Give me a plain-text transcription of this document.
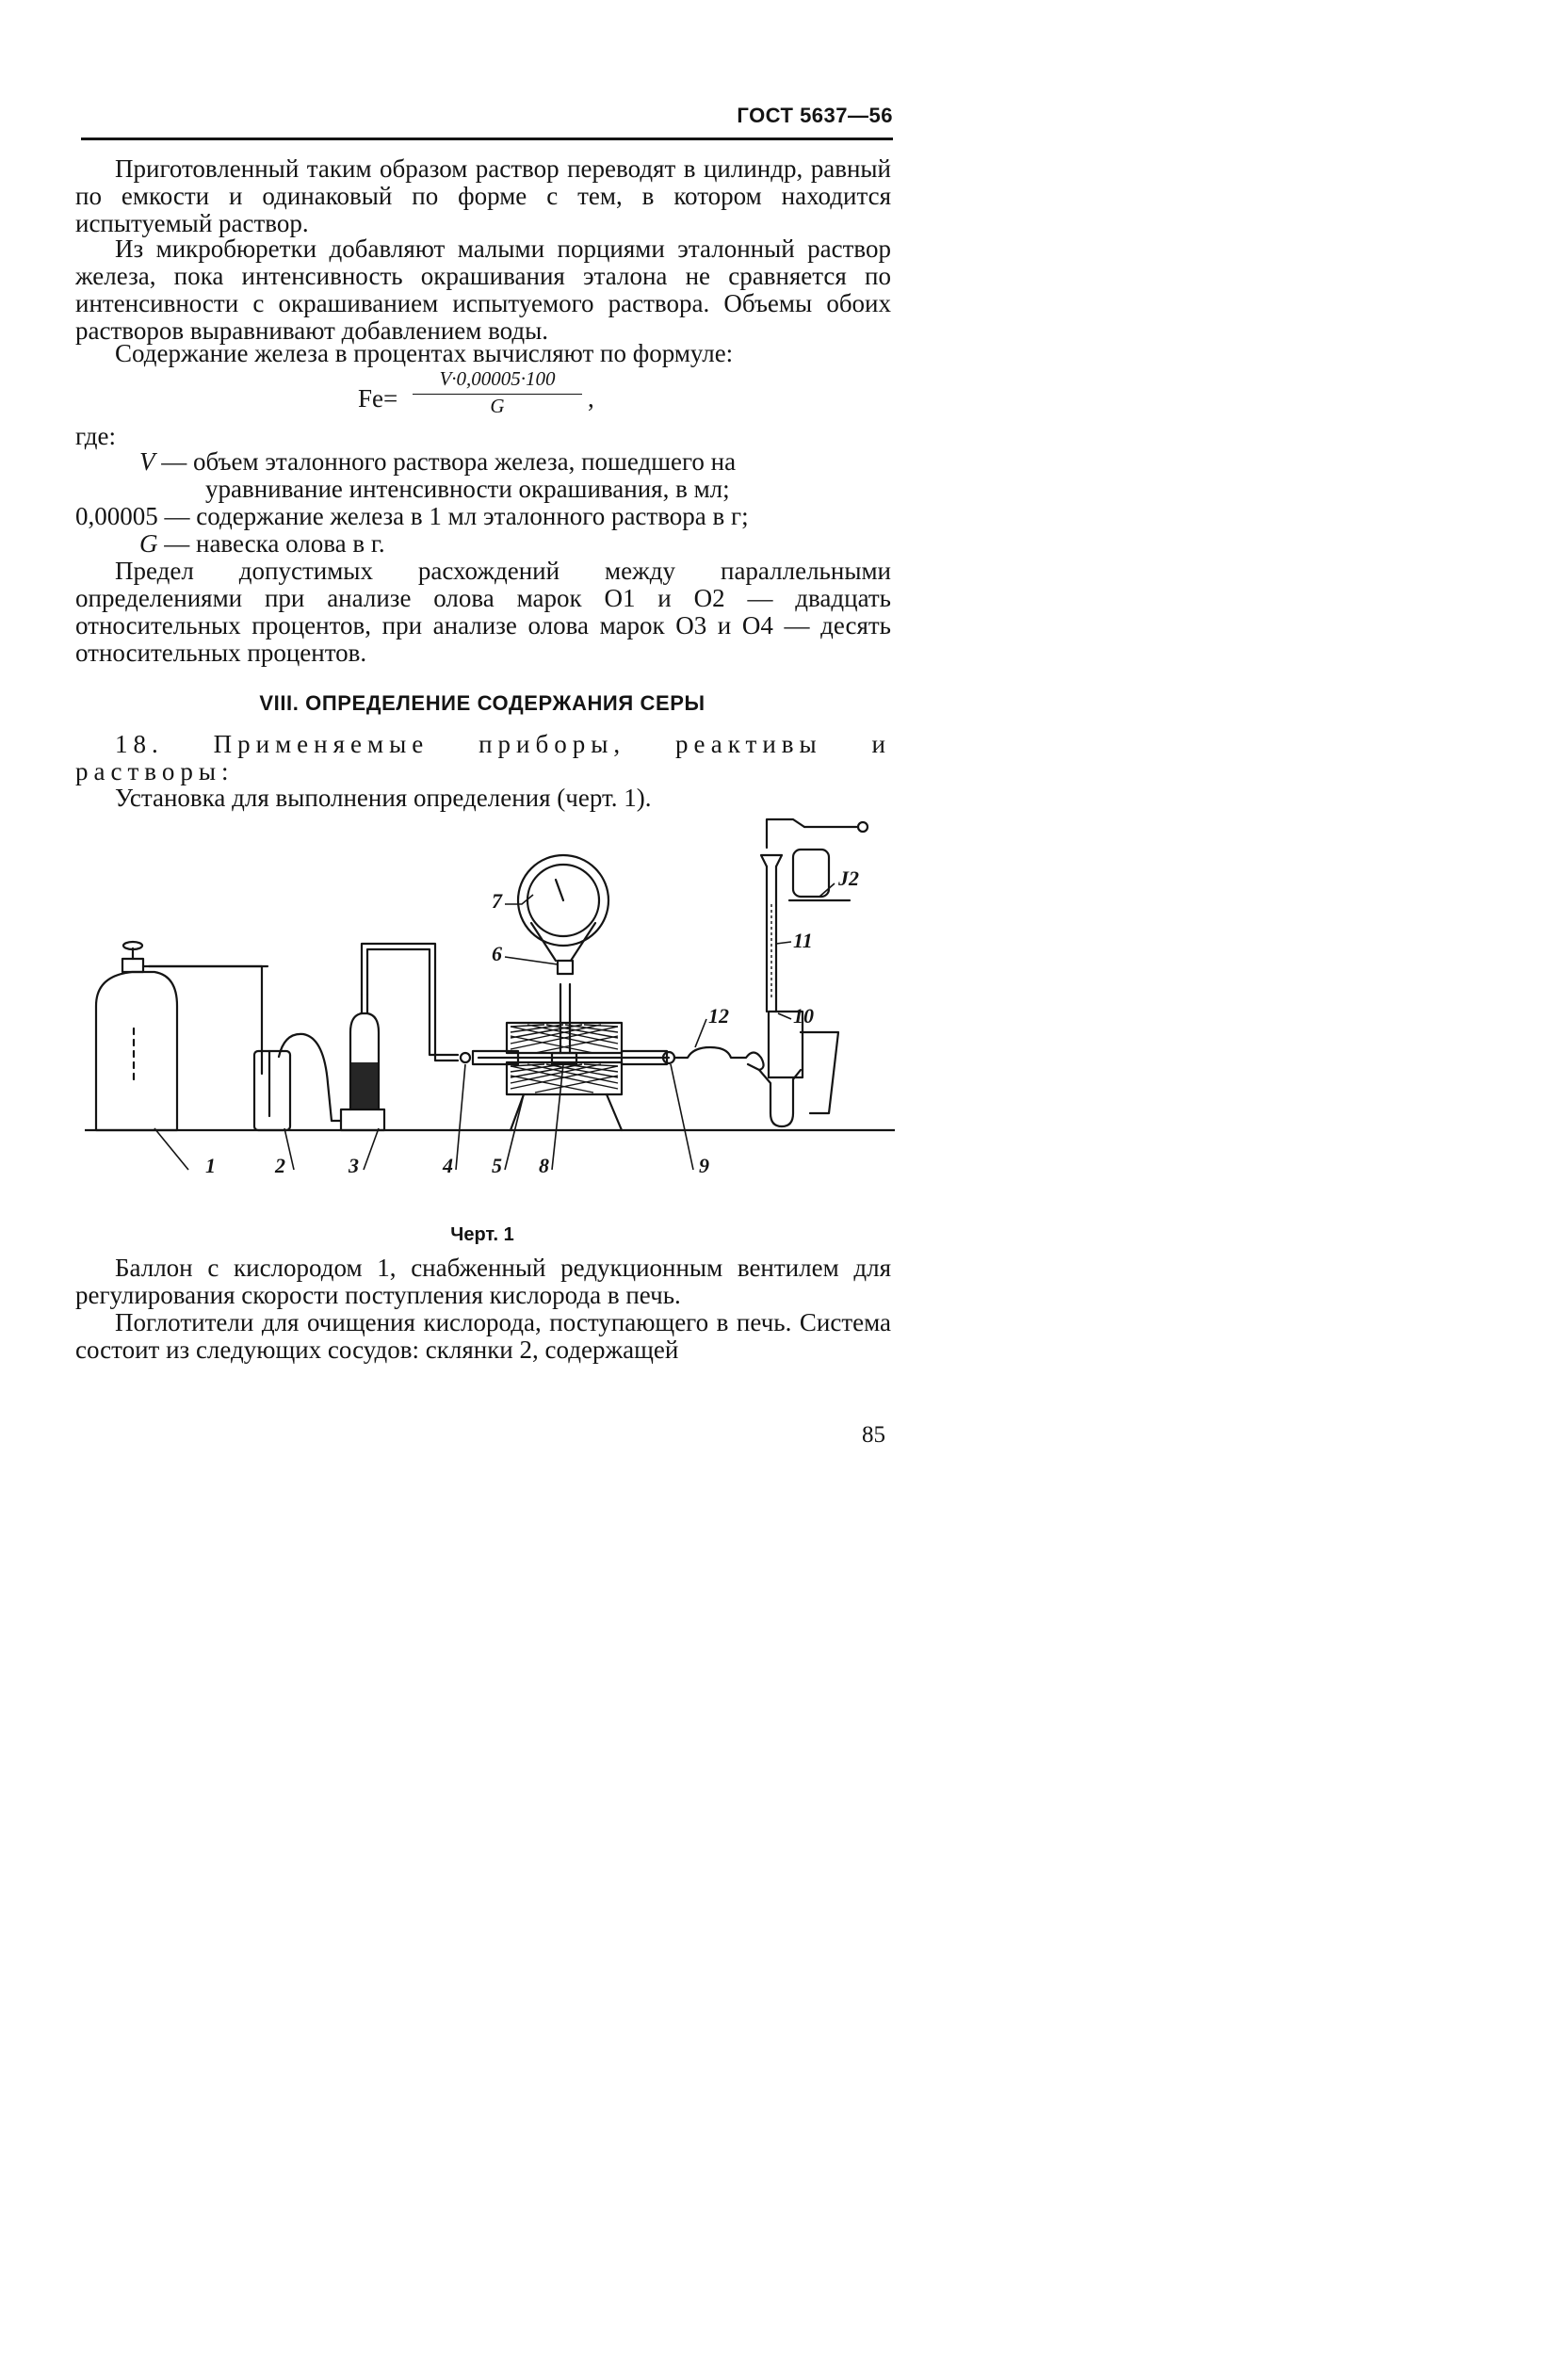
ГОСТ 5637—56

Приготовленный таким образом раствор переводят в цилиндр, равный по емкости и одинаковый по форме с тем, в котором находится испытуемый раствор.

Из микробюретки добавляют малыми порциями эталонный раствор железа, пока интенсивность окрашивания эталона не сравняется по интенсивности с окрашиванием испытуемого раствора. Объемы обоих растворов выравнивают добавлением воды.

Содержание железа в процентах вычисляют по формуле:

Fe=
V·0,00005·100
G	,
где:
V — объем эталонного раствора железа, пошедшего на
уравнивание интенсивности окрашивания, в мл;
0,00005 — содержание железа в 1 мл эталонного раствора в г;
G — навеска олова в г.

Предел допустимых расхождений между параллельными определениями при анализе олова марок О1 и О2 — двадцать относительных процентов, при анализе олова марок О3 и О4 — десять относительных процентов.

VIII. ОПРЕДЕЛЕНИЕ СОДЕРЖАНИЯ СЕРЫ

18. Применяемые приборы, реактивы и растворы:

Установка для выполнения определения (черт. 1).

1	2	3	4 5
6
7
8	9
10
11
12
J2
Черт. 1

Баллон с кислородом 1, снабженный редукционным вентилем для регулирования скорости поступления кислорода в печь.

Поглотители для очищения кислорода, поступающего в печь. Система состоит из следующих сосудов: склянки 2, содержащей

85
